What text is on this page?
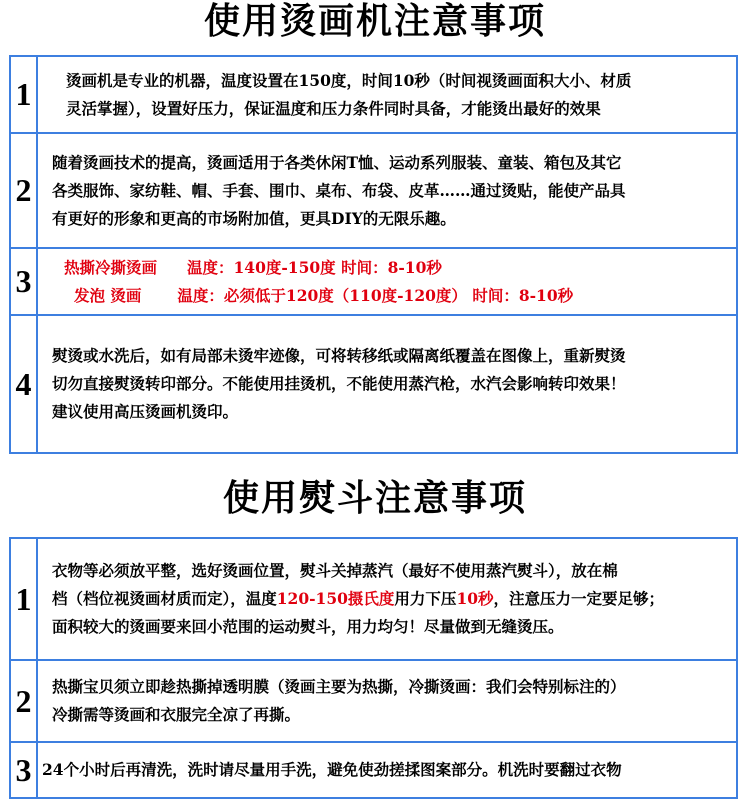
使用烫画机注意事项
1	烫画机是专业的机器，温度设置在150度，时间10秒（时间视烫画面积大小、材质
灵活掌握），设置好压力，保证温度和压力条件同时具备，才能烫出最好的效果

2	随着烫画技术的提高，烫画适用于各类休闲T恤、运动系列服装、童装、箱包及其它
各类服饰、家纺鞋、帽、手套、围巾、桌布、布袋、皮革……通过烫贴，能使产品具
有更好的形象和更高的市场附加值，更具DIY的无限乐趣。

3	热撕冷撕烫画 温度：140度-150度 时间：8-10秒
发泡 烫画 温度：必须低于120度（110度-120度） 时间：8-10秒

4	熨烫或水洗后，如有局部未烫牢迹像，可将转移纸或隔离纸覆盖在图像上，重新熨烫
切勿直接熨烫转印部分。不能使用挂烫机，不能使用蒸汽枪，水汽会影响转印效果！
建议使用高压烫画机烫印。
使用熨斗注意事项
1	衣物等必须放平整，选好烫画位置，熨斗关掉蒸汽（最好不使用蒸汽熨斗），放在棉
档（档位视烫画材质而定），温度120-150摄氏度用力下压10秒，注意压力一定要足够；
面积较大的烫画要来回小范围的运动熨斗，用力均匀！尽量做到无缝烫压。

2	热撕宝贝须立即趁热撕掉透明膜（烫画主要为热撕，冷撕烫画：我们会特别标注的）
冷撕需等烫画和衣服完全凉了再撕。

3	24个小时后再清洗，洗时请尽量用手洗，避免使劲搓揉图案部分。机洗时要翻过衣物
